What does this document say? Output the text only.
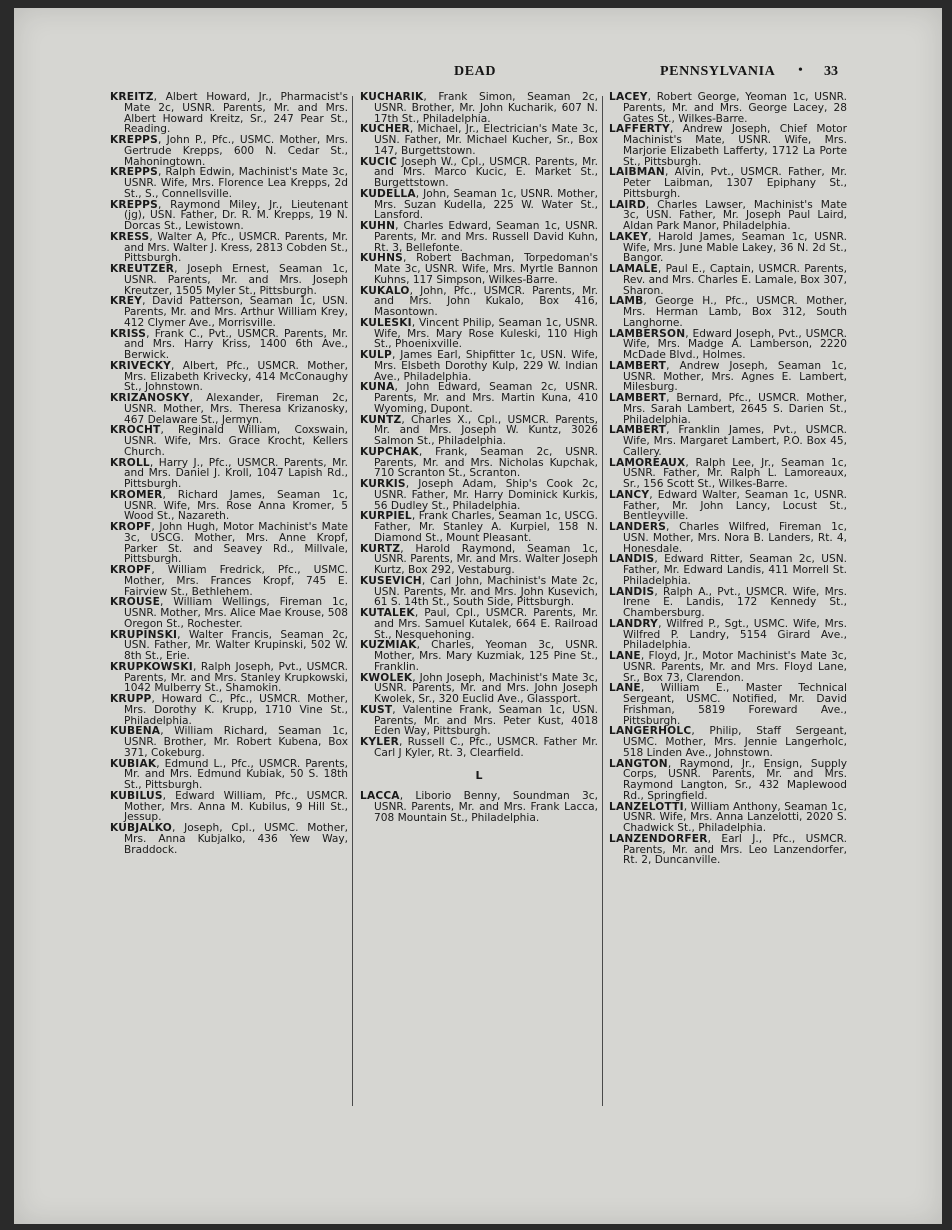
DEAD	PENNSYLVANIA • 33

KREITZ, Albert Howard, Jr., Pharmacist's Mate 2c, USNR. Parents, Mr. and Mrs. Albert Howard Kreitz, Sr., 247 Pear St., Reading.

KREPPS, John P., Pfc., USMC. Mother, Mrs. Gertrude Krepps, 600 N. Cedar St., Mahoningtown.

KREPPS, Ralph Edwin, Machinist's Mate 3c, USNR. Wife, Mrs. Florence Lea Krepps, 2d St., S., Connellsville.

KREPPS, Raymond Miley, Jr., Lieutenant (jg), USN. Father, Dr. R. M. Krepps, 19 N. Dorcas St., Lewistown.

KRESS, Walter A, Pfc., USMCR. Parents, Mr. and Mrs. Walter J. Kress, 2813 Cobden St., Pittsburgh.

KREUTZER, Joseph Ernest, Seaman 1c, USNR. Parents, Mr. and Mrs. Joseph Kreutzer, 1505 Myler St., Pittsburgh.

KREY, David Patterson, Seaman 1c, USN. Parents, Mr. and Mrs. Arthur William Krey, 412 Clymer Ave., Morrisville.

KRISS, Frank C., Pvt., USMCR. Parents, Mr. and Mrs. Harry Kriss, 1400 6th Ave., Berwick.

KRIVECKY, Albert, Pfc., USMCR. Mother, Mrs. Elizabeth Krivecky, 414 McConaughy St., Johnstown.

KRIZANOSKY, Alexander, Fireman 2c, USNR. Mother, Mrs. Theresa Krizanosky, 467 Delaware St., Jermyn.

KROCHT, Reginald William, Coxswain, USNR. Wife, Mrs. Grace Krocht, Kellers Church.

KROLL, Harry J., Pfc., USMCR. Parents, Mr. and Mrs. Daniel J. Kroll, 1047 Lapish Rd., Pittsburgh.

KROMER, Richard James, Seaman 1c, USNR. Wife, Mrs. Rose Anna Kromer, 5 Wood St., Nazareth.

KROPF, John Hugh, Motor Machinist's Mate 3c, USCG. Mother, Mrs. Anne Kropf, Parker St. and Seavey Rd., Millvale, Pittsburgh.

KROPF, William Fredrick, Pfc., USMC. Mother, Mrs. Frances Kropf, 745 E. Fairview St., Bethlehem.

KROUSE, William Wellings, Fireman 1c, USNR. Mother, Mrs. Alice Mae Krouse, 508 Oregon St., Rochester.

KRUPINSKI, Walter Francis, Seaman 2c, USN. Father, Mr. Walter Krupinski, 502 W. 8th St., Erie.

KRUPKOWSKI, Ralph Joseph, Pvt., USMCR. Parents, Mr. and Mrs. Stanley Krupkowski, 1042 Mulberry St., Shamokin.

KRUPP, Howard C., Pfc., USMCR. Mother, Mrs. Dorothy K. Krupp, 1710 Vine St., Philadelphia.

KUBENA, William Richard, Seaman 1c, USNR. Brother, Mr. Robert Kubena, Box 371, Cokeburg.

KUBIAK, Edmund L., Pfc., USMCR. Parents, Mr. and Mrs. Edmund Kubiak, 50 S. 18th St., Pittsburgh.

KUBILUS, Edward William, Pfc., USMCR. Mother, Mrs. Anna M. Kubilus, 9 Hill St., Jessup.

KUBJALKO, Joseph, Cpl., USMC. Mother, Mrs. Anna Kubjalko, 436 Yew Way, Braddock.

KUCHARIK, Frank Simon, Seaman 2c, USNR. Brother, Mr. John Kucharik, 607 N. 17th St., Philadelphia.

KUCHER, Michael, Jr., Electrician's Mate 3c, USN. Father, Mr. Michael Kucher, Sr., Box 147, Burgettstown.

KUCIC Joseph W., Cpl., USMCR. Parents, Mr. and Mrs. Marco Kucic, E. Market St., Burgettstown.

KUDELLA, John, Seaman 1c, USNR. Mother, Mrs. Suzan Kudella, 225 W. Water St., Lansford.

KUHN, Charles Edward, Seaman 1c, USNR. Parents, Mr. and Mrs. Russell David Kuhn, Rt. 3, Bellefonte.

KUHNS, Robert Bachman, Torpedoman's Mate 3c, USNR. Wife, Mrs. Myrtle Bannon Kuhns, 117 Simpson, Wilkes-Barre.

KUKALO, John, Pfc., USMCR. Parents, Mr. and Mrs. John Kukalo, Box 416, Masontown.

KULESKI, Vincent Philip, Seaman 1c, USNR. Wife, Mrs. Mary Rose Kuleski, 110 High St., Phoenixville.

KULP, James Earl, Shipfitter 1c, USN. Wife, Mrs. Elsbeth Dorothy Kulp, 229 W. Indian Ave., Philadelphia.

KUNA, John Edward, Seaman 2c, USNR. Parents, Mr. and Mrs. Martin Kuna, 410 Wyoming, Dupont.

KUNTZ, Charles X., Cpl., USMCR. Parents, Mr. and Mrs. Joseph W. Kuntz, 3026 Salmon St., Philadelphia.

KUPCHAK, Frank, Seaman 2c, USNR. Parents, Mr. and Mrs. Nicholas Kupchak, 710 Scranton St., Scranton.

KURKIS, Joseph Adam, Ship's Cook 2c, USNR. Father, Mr. Harry Dominick Kurkis, 56 Dudley St., Philadelphia.

KURPIEL, Frank Charles, Seaman 1c, USCG. Father, Mr. Stanley A. Kurpiel, 158 N. Diamond St., Mount Pleasant.

KURTZ, Harold Raymond, Seaman 1c, USNR. Parents, Mr. and Mrs. Walter Joseph Kurtz, Box 292, Vestaburg.

KUSEVICH, Carl John, Machinist's Mate 2c, USN. Parents, Mr. and Mrs. John Kusevich, 61 S. 14th St., South Side, Pittsburgh.

KUTALEK, Paul, Cpl., USMCR. Parents, Mr. and Mrs. Samuel Kutalek, 664 E. Railroad St., Nesquehoning.

KUZMIAK, Charles, Yeoman 3c, USNR. Mother, Mrs. Mary Kuzmiak, 125 Pine St., Franklin.

KWOLEK, John Joseph, Machinist's Mate 3c, USNR. Parents, Mr. and Mrs. John Joseph Kwolek, Sr., 320 Euclid Ave., Glassport.

KUST, Valentine Frank, Seaman 1c, USN. Parents, Mr. and Mrs. Peter Kust, 4018 Eden Way, Pittsburgh.

KYLER, Russell C., Pfc., USMCR. Father Mr. Carl J Kyler, Rt. 3, Clearfield.

L

LACCA, Liborio Benny, Soundman 3c, USNR. Parents, Mr. and Mrs. Frank Lacca, 708 Mountain St., Philadelphia.

LACEY, Robert George, Yeoman 1c, USNR. Parents, Mr. and Mrs. George Lacey, 28 Gates St., Wilkes-Barre.

LAFFERTY, Andrew Joseph, Chief Motor Machinist's Mate, USNR. Wife, Mrs. Marjorie Elizabeth Lafferty, 1712 La Porte St., Pittsburgh.

LAIBMAN, Alvin, Pvt., USMCR. Father, Mr. Peter Laibman, 1307 Epiphany St., Pittsburgh.

LAIRD, Charles Lawser, Machinist's Mate 3c, USN. Father, Mr. Joseph Paul Laird, Aldan Park Manor, Philadelphia.

LAKEY, Harold James, Seaman 1c, USNR. Wife, Mrs. June Mable Lakey, 36 N. 2d St., Bangor.

LAMALE, Paul E., Captain, USMCR. Parents, Rev. and Mrs. Charles E. Lamale, Box 307, Sharon.

LAMB, George H., Pfc., USMCR. Mother, Mrs. Herman Lamb, Box 312, South Langhorne.

LAMBERSON, Edward Joseph, Pvt., USMCR. Wife, Mrs. Madge A. Lamberson, 2220 McDade Blvd., Holmes.

LAMBERT, Andrew Joseph, Seaman 1c, USNR. Mother, Mrs. Agnes E. Lambert, Milesburg.

LAMBERT, Bernard, Pfc., USMCR. Mother, Mrs. Sarah Lambert, 2645 S. Darien St., Philadelphia.

LAMBERT, Franklin James, Pvt., USMCR. Wife, Mrs. Margaret Lambert, P.O. Box 45, Callery.

LAMOREAUX, Ralph Lee, Jr., Seaman 1c, USNR. Father, Mr. Ralph L. Lamoreaux, Sr., 156 Scott St., Wilkes-Barre.

LANCY, Edward Walter, Seaman 1c, USNR. Father, Mr. John Lancy, Locust St., Bentleyville.

LANDERS, Charles Wilfred, Fireman 1c, USN. Mother, Mrs. Nora B. Landers, Rt. 4, Honesdale.

LANDIS, Edward Ritter, Seaman 2c, USN. Father, Mr. Edward Landis, 411 Morrell St. Philadelphia.

LANDIS, Ralph A., Pvt., USMCR. Wife, Mrs. Irene E. Landis, 172 Kennedy St., Chambersburg.

LANDRY, Wilfred P., Sgt., USMC. Wife, Mrs. Wilfred P. Landry, 5154 Girard Ave., Philadelphia.

LANE, Floyd, Jr., Motor Machinist's Mate 3c, USNR. Parents, Mr. and Mrs. Floyd Lane, Sr., Box 73, Clarendon.

LANE, William E., Master Technical Sergeant, USMC. Notified, Mr. David Frishman, 5819 Foreward Ave., Pittsburgh.

LANGERHOLC, Philip, Staff Sergeant, USMC. Mother, Mrs. Jennie Langerholc, 518 Linden Ave., Johnstown.

LANGTON, Raymond, Jr., Ensign, Supply Corps, USNR. Parents, Mr. and Mrs. Raymond Langton, Sr., 432 Maplewood Rd., Springfield.

LANZELOTTI, William Anthony, Seaman 1c, USNR. Wife, Mrs. Anna Lanzelotti, 2020 S. Chadwick St., Philadelphia.

LANZENDORFER, Earl J., Pfc., USMCR. Parents, Mr. and Mrs. Leo Lanzendorfer, Rt. 2, Duncanville.
